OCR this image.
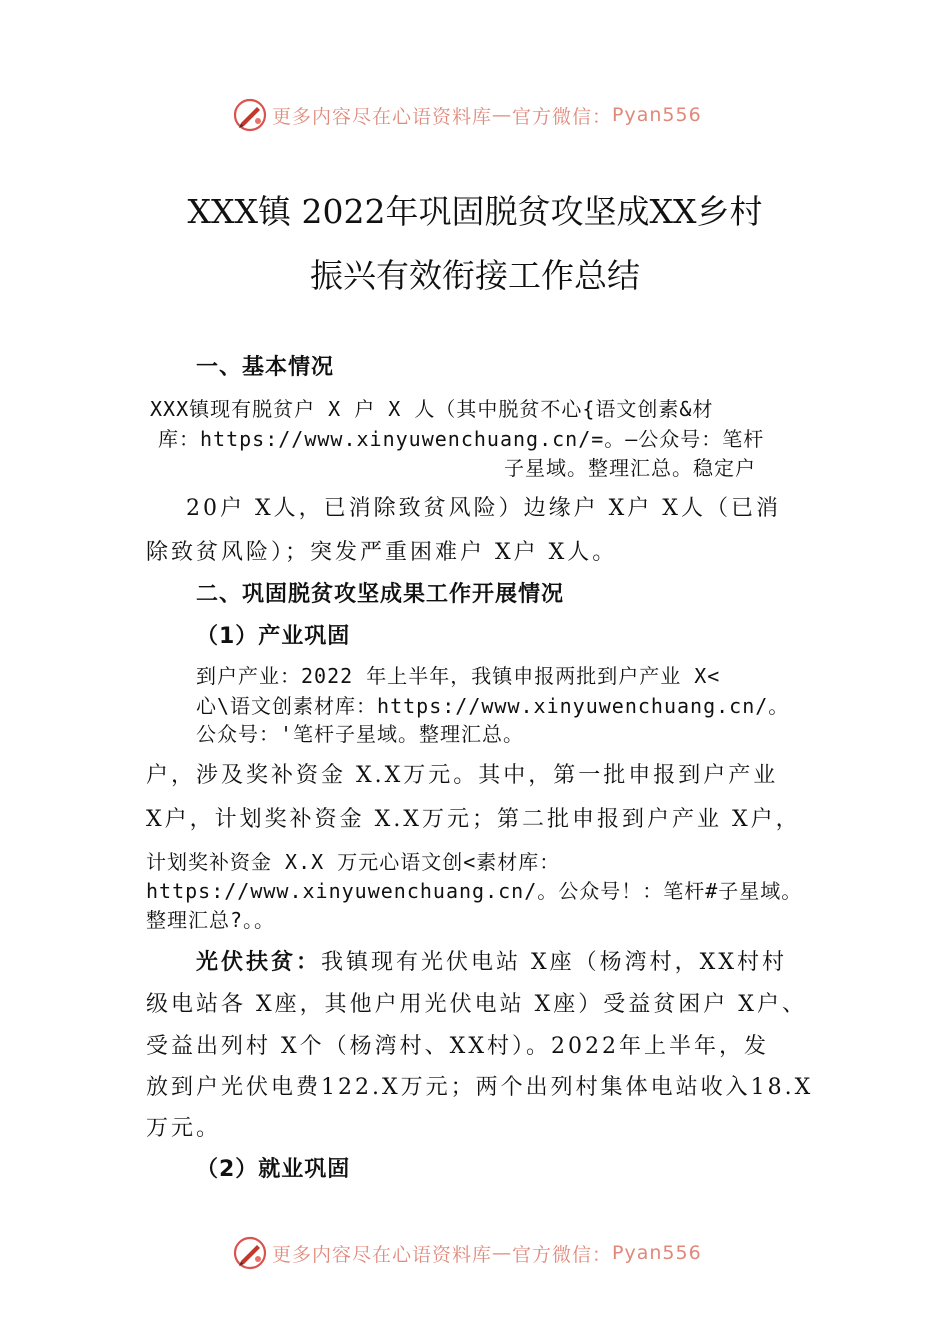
更多内容尽在心语资料库 — 官方微信： Pyan556
XXX镇 2022年巩固脱贫攻坚成XX乡村
振兴有效衔接工作总结
一、基本情况
XXX镇现有脱贫户 X 户 X 人（其中脱贫不心{语文创素&材
库：https://www.xinyuwenchuang.cn/=。—公众号：笔杆
子星域。整理汇总。稳定户
20户 X人，已消除致贫风险）边缘户 X户 X人（已消
除致贫风险）；突发严重困难户 X户 X人。
二、巩固脱贫攻坚成果工作开展情况
（1）产业巩固
到户产业：2022 年上半年，我镇申报两批到户产业 X<
心\语文创素材库：https://www.xinyuwenchuang.cn/。
公众号：'笔杆子星域。整理汇总。
户，涉及奖补资金 X.X万元。其中，第一批申报到户产业
X户，计划奖补资金 X.X万元；第二批申报到户产业 X户，
计划奖补资金 X.X 万元心语文创<素材库：
https://www.xinyuwenchuang.cn/。公众号！：笔杆#子星域。
整理汇总?。。
光伏扶贫：我镇现有光伏电站 X座（杨湾村，XX村村
级电站各 X座，其他户用光伏电站 X座）受益贫困户 X户、
受益出列村 X个（杨湾村、XX村）。2022年上半年，发
放到户光伏电费122.X万元；两个出列村集体电站收入18.X
万元。
（2）就业巩固
更多内容尽在心语资料库 — 官方微信： Pyan556
